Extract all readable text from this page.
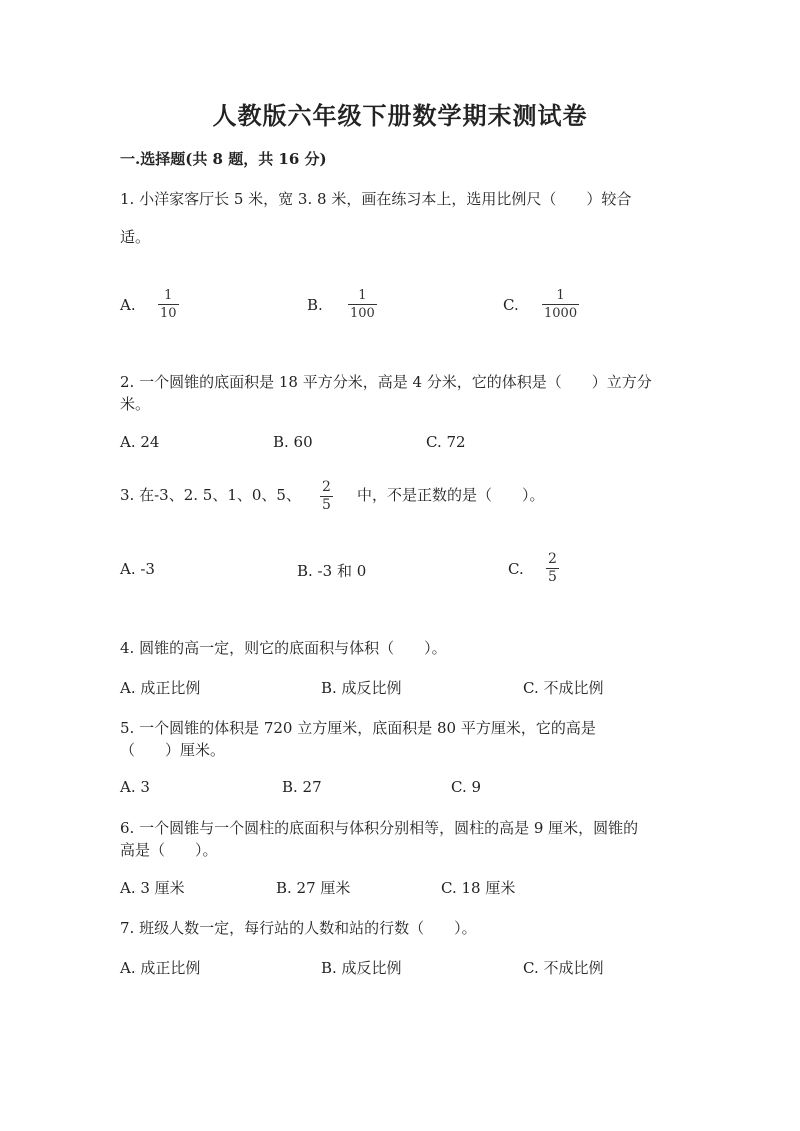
人教版六年级下册数学期末测试卷
一.选择题(共 8 题，共 16 分)
1. 小洋家客厅长 5 米，宽 3. 8 米，画在练习本上，选用比例尺（　　）较合
适。
A.
1
10	B.
1
100	C.
1
1000
2. 一个圆锥的底面积是 18 平方分米，高是 4 分米，它的体积是（　　）立方分
米。
A. 24	B. 60	C. 72
3. 在-3、2. 5、1、0、5、 2
5
中，不是正数的是（　　）。
A. -3	B. -3 和 0	C.
2
5
4. 圆锥的高一定，则它的底面积与体积（　　）。
A. 成正比例	B. 成反比例	C. 不成比例
5. 一个圆锥的体积是 720 立方厘米，底面积是 80 平方厘米，它的高是
（　　）厘米。
A. 3	B. 27	C. 9
6. 一个圆锥与一个圆柱的底面积与体积分别相等，圆柱的高是 9 厘米，圆锥的
高是（　　）。
A. 3 厘米	B. 27 厘米	C. 18 厘米
7. 班级人数一定，每行站的人数和站的行数（　　）。
A. 成正比例	B. 成反比例	C. 不成比例
